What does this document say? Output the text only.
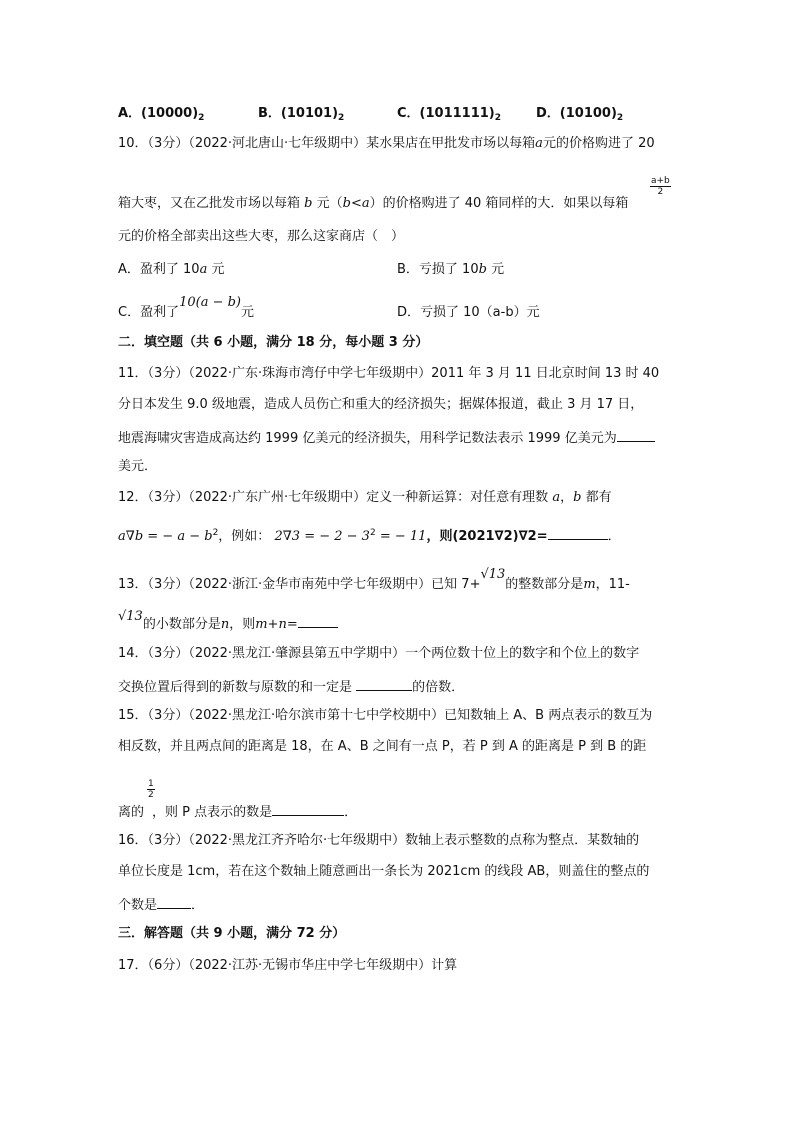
A．$(10000)_2$	B．$(10101)_2$	C．$(1011111)_2$	D．$(10100)_2$
10．（3分）（2022·河北唐山·七年级期中）某水果店在甲批发市场以每箱a元的价格购进了 20
$\frac{a+b}{2}$
箱大枣，又在乙批发市场以每箱 b 元（b<a）的价格购进了 40 箱同样的大．如果以每箱
元的价格全部卖出这些大枣，那么这家商店（　）
A．盈利了 10a 元	B．亏损了 10b 元
C．盈利了10(a − b)元	D．亏损了 10（a-b）元
二．填空题（共 6 小题，满分 18 分，每小题 3 分）
11．（3分）（2022·广东·珠海市湾仔中学七年级期中）2011 年 3 月 11 日北京时间 13 时 40
分日本发生 9.0 级地震，造成人员伤亡和重大的经济损失；据媒体报道，截止 3 月 17 日，
地震海啸灾害造成高达约 1999 亿美元的经济损失，用科学记数法表示 1999 亿美元为
美元．
12．（3分）（2022·广东广州·七年级期中）定义一种新运算：对任意有理数 a，b 都有
a∇b = − $a - b^2$，例如： 2∇3 = − $2 - 3^2$ = − 11，则(2021∇2)∇2=	．
13．（3分）（2022·浙江·金华市南苑中学七年级期中）已知 7+√13的整数部分是m，11-
√13的小数部分是n，则m+n=
14．（3分）（2022·黑龙江·肇源县第五中学期中）一个两位数十位上的数字和个位上的数字
交换位置后得到的新数与原数的和一定是	的倍数．
15．（3分）（2022·黑龙江·哈尔滨市第十七中学校期中）已知数轴上 A、B 两点表示的数互为
相反数，并且两点间的距离是 18，在 A、B 之间有一点 P，若 P 到 A 的距离是 P 到 B 的距
$\frac{1}{2}$
离的 ，则 P 点表示的数是	．
16．（3分）（2022·黑龙江齐齐哈尔·七年级期中）数轴上表示整数的点称为整点．某数轴的
单位长度是 1cm，若在这个数轴上随意画出一条长为 2021cm 的线段 AB，则盖住的整点的
个数是	．
三．解答题（共 9 小题，满分 72 分）
17．（6分）（2022·江苏·无锡市华庄中学七年级期中）计算
